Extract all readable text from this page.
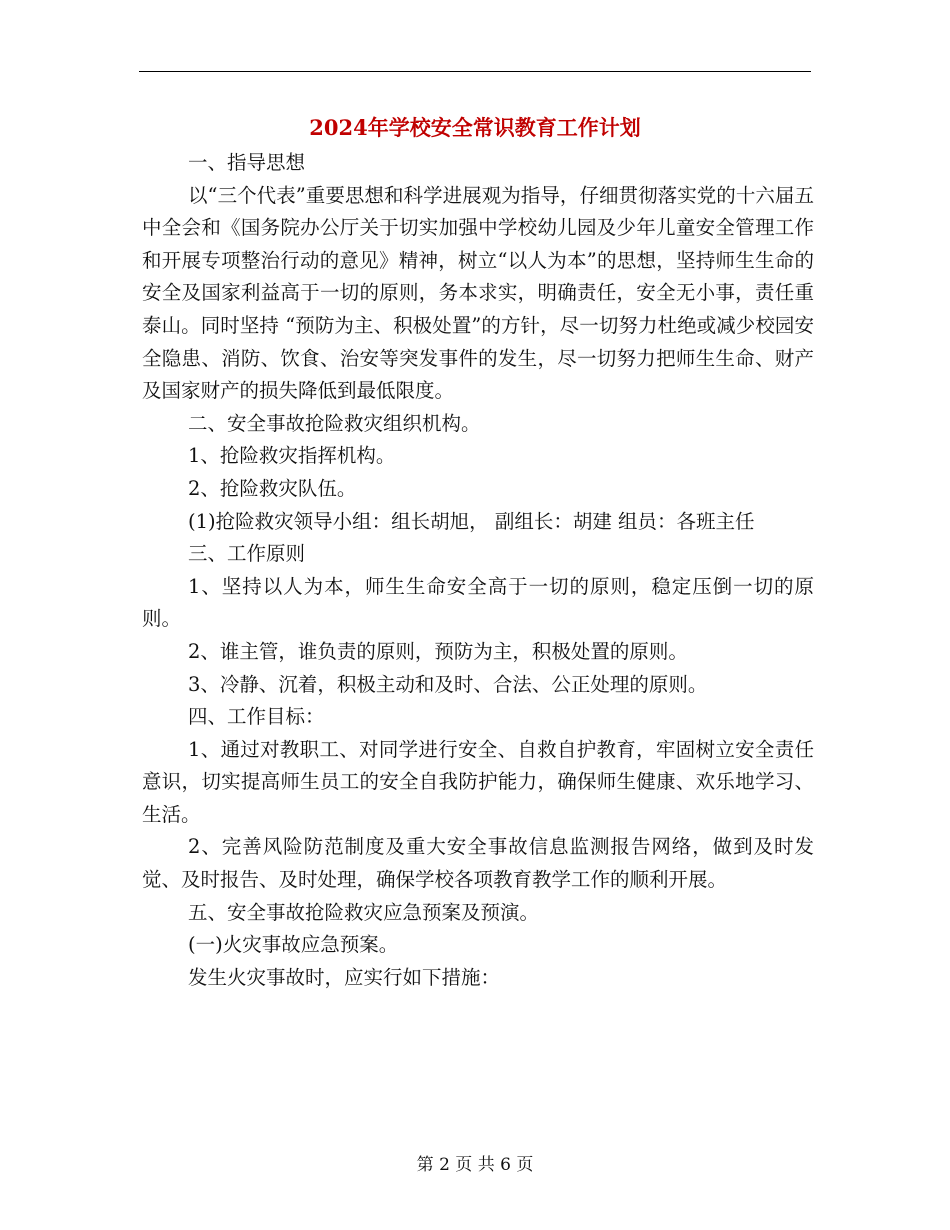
2024年学校安全常识教育工作计划

一、指导思想

以“三个代表”重要思想和科学进展观为指导，仔细贯彻落实党的十六届五中全会和《国务院办公厅关于切实加强中学校幼儿园及少年儿童安全管理工作和开展专项整治行动的意见》精神，树立“以人为本”的思想，坚持师生生命的安全及国家利益高于一切的原则，务本求实，明确责任，安全无小事，责任重泰山。同时坚持 “预防为主、积极处置”的方针，尽一切努力杜绝或减少校园安全隐患、消防、饮食、治安等突发事件的发生，尽一切努力把师生生命、财产及国家财产的损失降低到最低限度。

二、安全事故抢险救灾组织机构。

1、抢险救灾指挥机构。

2、抢险救灾队伍。

(1)抢险救灾领导小组：组长胡旭， 副组长：胡建 组员：各班主任

三、工作原则

1、坚持以人为本，师生生命安全高于一切的原则，稳定压倒一切的原则。

2、谁主管，谁负责的原则，预防为主，积极处置的原则。

3、冷静、沉着，积极主动和及时、合法、公正处理的原则。

四、工作目标：

1、通过对教职工、对同学进行安全、自救自护教育，牢固树立安全责任意识，切实提高师生员工的安全自我防护能力，确保师生健康、欢乐地学习、生活。

2、完善风险防范制度及重大安全事故信息监测报告网络，做到及时发觉、及时报告、及时处理，确保学校各项教育教学工作的顺利开展。

五、安全事故抢险救灾应急预案及预演。

(一)火灾事故应急预案。

发生火灾事故时，应实行如下措施：

第 2 页 共 6 页
